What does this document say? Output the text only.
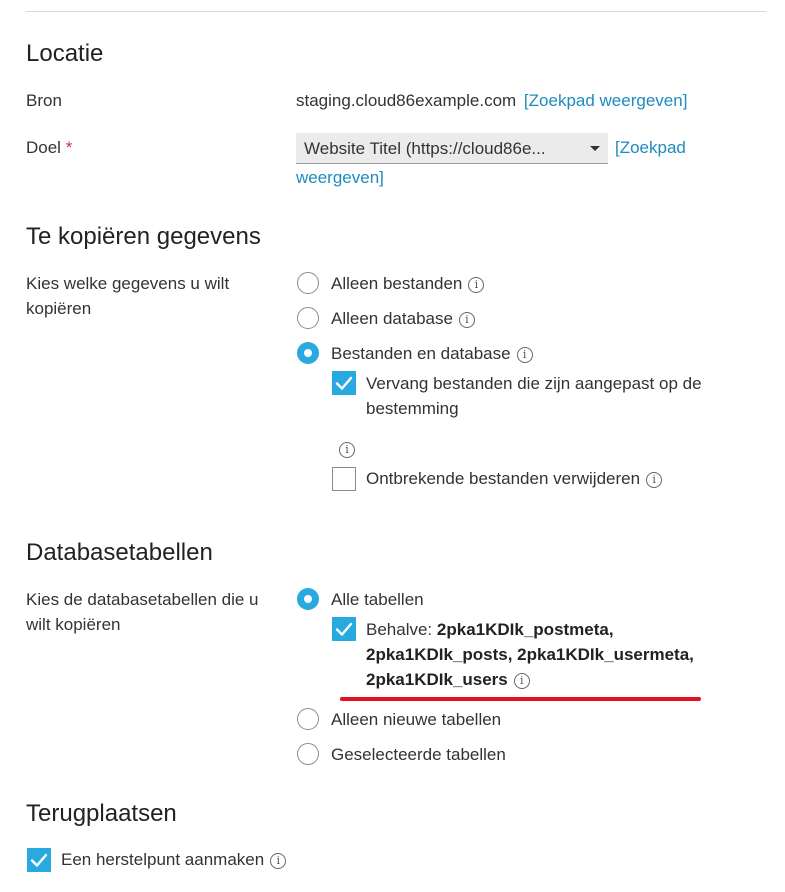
Locatie
Bron	staging.cloud86example.com [Zoekpad weergeven]
Doel *	Website Titel (https://cloud86e...	[Zoekpad
weergeven]
Te kopiëren gegevens
Kies welke gegevens u wilt
kopiëren
Alleen bestanden i
Alleen database i
Bestanden en database i
Vervang bestanden die zijn aangepast op de
bestemming
i
Ontbrekende bestanden verwijderen i
Databasetabellen
Kies de databasetabellen die u
wilt kopiëren
Alle tabellen
Behalve: 2pka1KDIk_postmeta,
2pka1KDIk_posts, 2pka1KDIk_usermeta,
2pka1KDIk_users i
Alleen nieuwe tabellen
Geselecteerde tabellen
Terugplaatsen
Een herstelpunt aanmaken i
